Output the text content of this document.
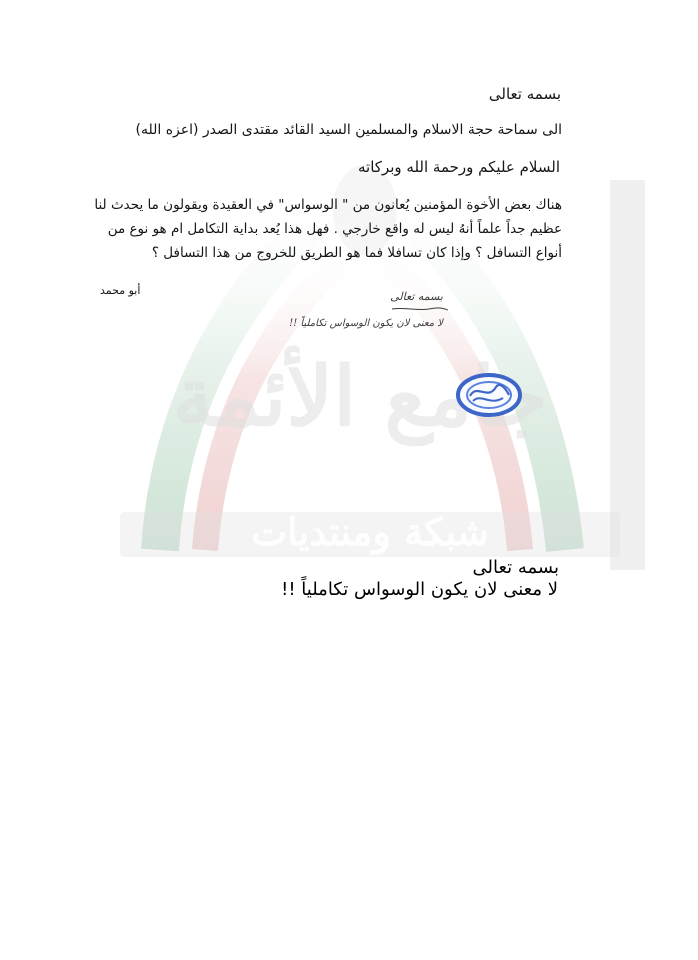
جامع الأئمة
شبكة ومنتديات
بسمه تعالى
الى سماحة حجة الاسلام والمسلمين السيد القائد مقتدى الصدر (اعزه الله)
السلام عليكم ورحمة الله وبركاته
هناك بعض الأخوة المؤمنين يُعانون من " الوسواس" في العقيدة ويقولون ما يحدث لنا عظيم جداً علماً أنهُ ليس له واقع خارجي . فهل هذا يُعد بداية التكامل ام هو نوع من أنواع التسافل ؟ وإذا كان تسافلا فما هو الطريق للخروج من هذا التسافل ؟
أبو محمد	بسمه تعالى
لا معنى لان يكون الوسواس تكاملياً !!
بسمه تعالى
لا معنى لان يكون الوسواس تكاملياً !!
